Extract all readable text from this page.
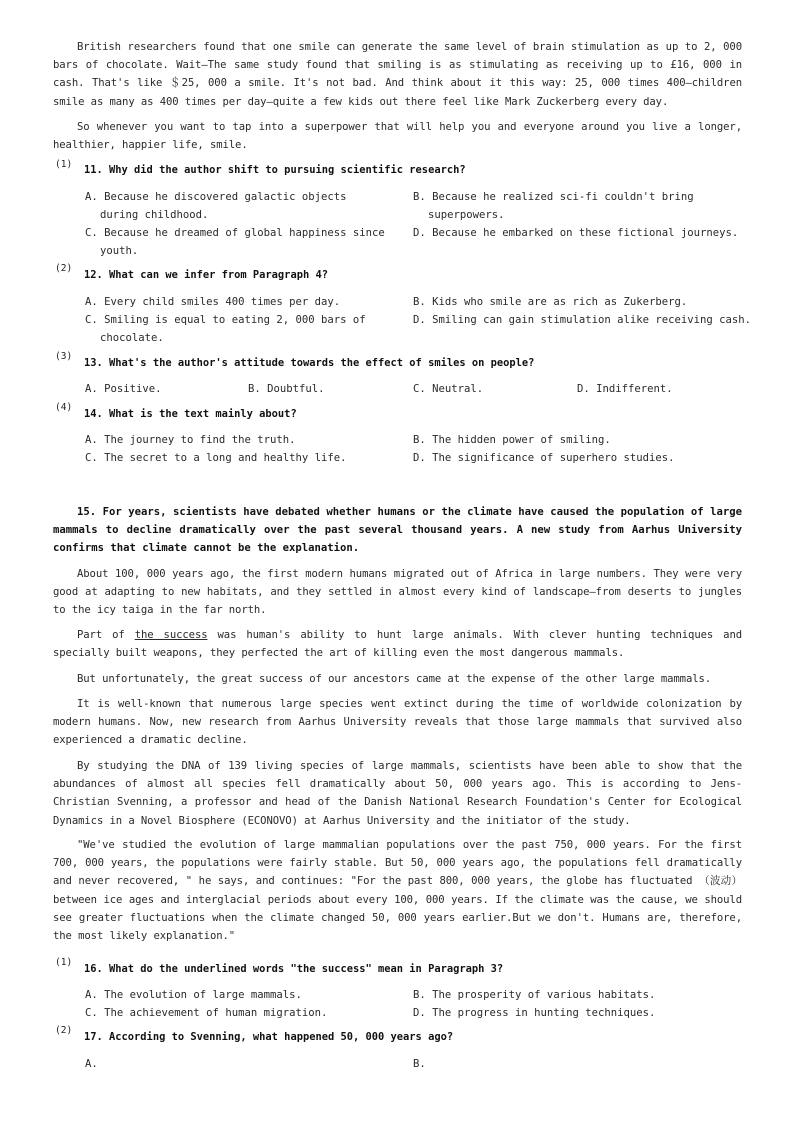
British researchers found that one smile can generate the same level of brain stimulation as up to 2, 000 bars of chocolate. Wait—The same study found that smiling is as stimulating as receiving up to £16, 000 in cash. That's like ＄25, 000 a smile. It's not bad. And think about it this way: 25, 000 times 400—children smile as many as 400 times per day—quite a few kids out there feel like Mark Zuckerberg every day.

So whenever you want to tap into a superpower that will help you and everyone around you live a longer, healthier, happier life, smile.

(1) 11. Why did the author shift to pursuing scientific research?
A. Because he discovered galactic objects during childhood.
B. Because he realized sci-fi couldn't bring superpowers.
C. Because he dreamed of global happiness since youth.
D. Because he embarked on these fictional journeys.
(2)
12. What can we infer from Paragraph 4?
A. Every child smiles 400 times per day.	B. Kids who smile are as rich as Zukerberg.
C. Smiling is equal to eating 2, 000 bars of chocolate.
D. Smiling can gain stimulation alike receiving cash.
(3)
13. What's the author's attitude towards the effect of smiles on people?
A. Positive.	B. Doubtful.	C. Neutral.	D. Indifferent.
(4)
14. What is the text mainly about?
A. The journey to find the truth.	B. The hidden power of smiling.
C. The secret to a long and healthy life.	D. The significance of superhero studies.

15. For years, scientists have debated whether humans or the climate have caused the population of large mammals to decline dramatically over the past several thousand years. A new study from Aarhus University confirms that climate cannot be the explanation.

About 100, 000 years ago, the first modern humans migrated out of Africa in large numbers. They were very good at adapting to new habitats, and they settled in almost every kind of landscape—from deserts to jungles to the icy taiga in the far north.

Part of the success was human's ability to hunt large animals. With clever hunting techniques and specially built weapons, they perfected the art of killing even the most dangerous mammals.

But unfortunately, the great success of our ancestors came at the expense of the other large mammals.

It is well-known that numerous large species went extinct during the time of worldwide colonization by modern humans. Now, new research from Aarhus University reveals that those large mammals that survived also experienced a dramatic decline.

By studying the DNA of 139 living species of large mammals, scientists have been able to show that the abundances of almost all species fell dramatically about 50, 000 years ago. This is according to Jens-Christian Svenning, a professor and head of the Danish National Research Foundation's Center for Ecological Dynamics in a Novel Biosphere (ECONOVO) at Aarhus University and the initiator of the study.

"We've studied the evolution of large mammalian populations over the past 750, 000 years. For the first 700, 000 years, the populations were fairly stable. But 50, 000 years ago, the populations fell dramatically and never recovered, " he says, and continues: "For the past 800, 000 years, the globe has fluctuated （波动） between ice ages and interglacial periods about every 100, 000 years. If the climate was the cause, we should see greater fluctuations when the climate changed 50, 000 years earlier.But we don't. Humans are, therefore, the most likely explanation."

(1)
16. What do the underlined words "the success" mean in Paragraph 3?
A. The evolution of large mammals.	B. The prosperity of various habitats.
C. The achievement of human migration.	D. The progress in hunting techniques.
(2)
17. According to Svenning, what happened 50, 000 years ago?
A.	B.
